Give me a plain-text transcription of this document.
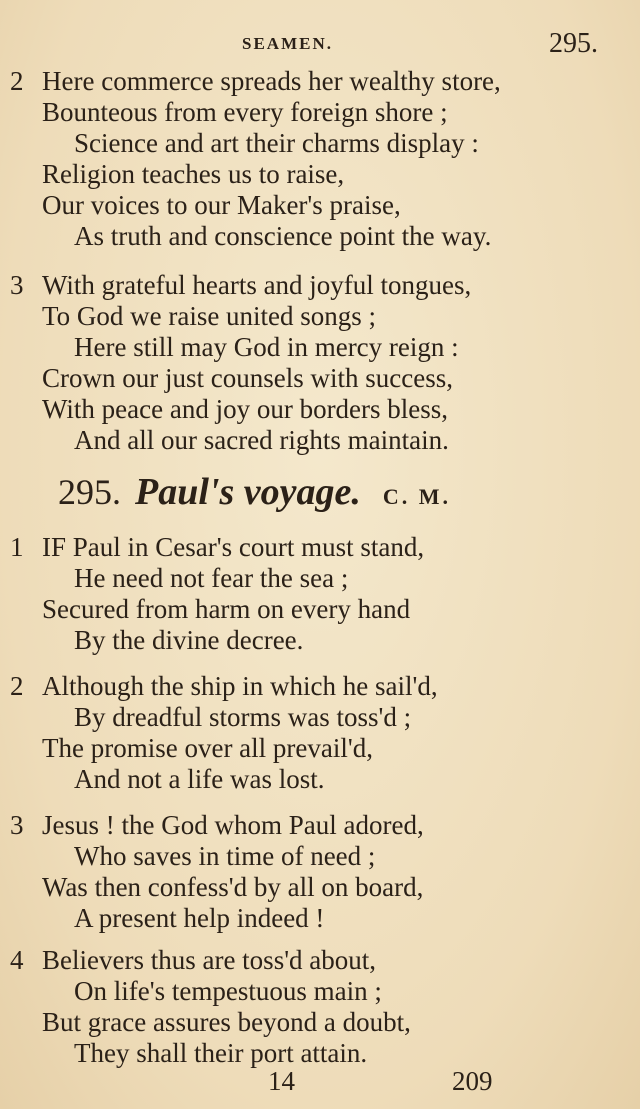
SEAMEN.	295.
2 Here commerce spreads her wealthy store,
Bounteous from every foreign shore ;
Science and art their charms display :
Religion teaches us to raise,
Our voices to our Maker's praise,
As truth and conscience point the way.
3 With grateful hearts and joyful tongues,
To God we raise united songs ;
Here still may God in mercy reign :
Crown our just counsels with success,
With peace and joy our borders bless,
And all our sacred rights maintain.
295. Paul's voyage. C. M.
1 IF Paul in Cesar's court must stand,
He need not fear the sea ;
Secured from harm on every hand
By the divine decree.
2 Although the ship in which he sail'd,
By dreadful storms was toss'd ;
The promise over all prevail'd,
And not a life was lost.
3 Jesus ! the God whom Paul adored,
Who saves in time of need ;
Was then confess'd by all on board,
A present help indeed !
4 Believers thus are toss'd about,
On life's tempestuous main ;
But grace assures beyond a doubt,
They shall their port attain.
14	209
